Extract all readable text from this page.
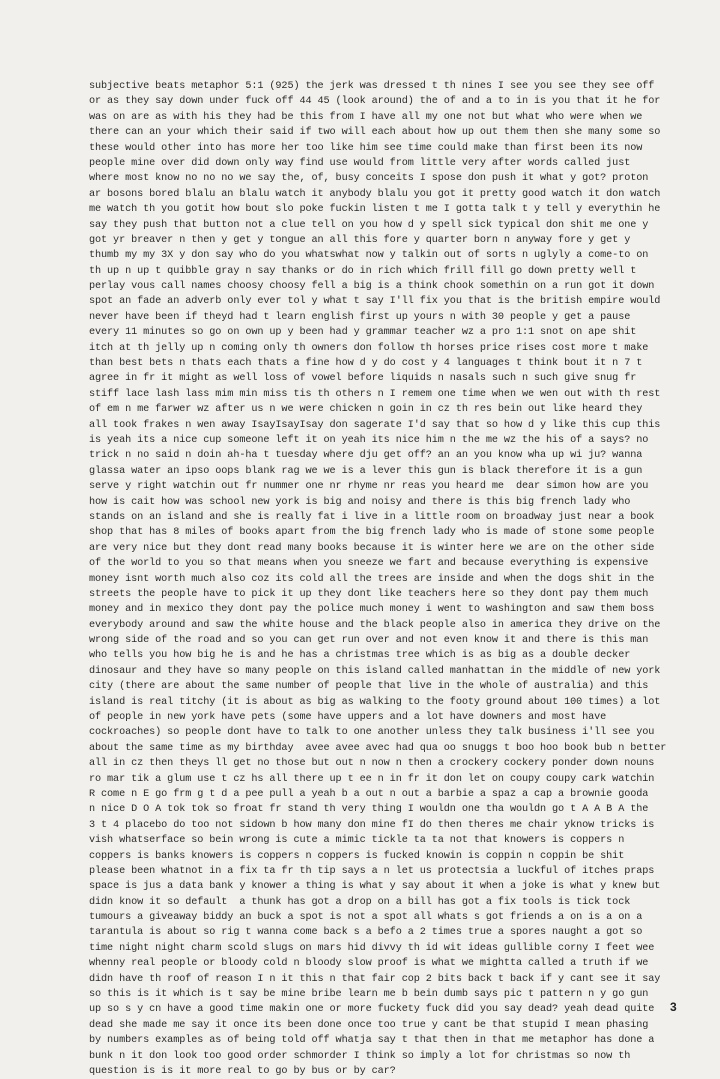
subjective beats metaphor 5:1 (925) the jerk was dressed t th nines I see you see they see off
or as they say down under fuck off 44 45 (look around) the of and a to in is you that it he for
was on are as with his they had be this from I have all my one not but what who were when we
there can an your which their said if two will each about how up out them then she many some so
these would other into has more her too like him see time could make than first been its now
people mine over did down only way find use would from little very after words called just
where most know no no no we say the, of, busy conceits I spose don push it what y got? proton
ar bosons bored blalu an blalu watch it anybody blalu you got it pretty good watch it don watch
me watch th you gotit how bout slo poke fuckin listen t me I gotta talk t y tell y everythin he
say they push that button not a clue tell on you how d y spell sick typical don shit me one y
got yr breaver n then y get y tongue an all this fore y quarter born n anyway fore y get y
thumb my my 3X y don say who do you whatswhat now y talkin out of sorts n uglyly a come-to on
th up n up t quibble gray n say thanks or do in rich which frill fill go down pretty well t
perlay vous call names choosy choosy fell a big is a think chook somethin on a run got it down
spot an fade an adverb only ever tol y what t say I'll fix you that is the british empire would
never have been if theyd had t learn english first up yours n with 30 people y get a pause
every 11 minutes so go on own up y been had y grammar teacher wz a pro 1:1 snot on ape shit
itch at th jelly up n coming only th owners don follow th horses price rises cost more t make
than best bets n thats each thats a fine how d y do cost y 4 languages t think bout it n 7 t
agree in fr it might as well loss of vowel before liquids n nasals such n such give snug fr
stiff lace lash lass mim min miss tis th others n I remem one time when we wen out with th rest
of em n me farwer wz after us n we were chicken n goin in cz th res bein out like heard they
all took frakes n wen away IsayIsayIsay don sagerate I'd say that so how d y like this cup this
is yeah its a nice cup someone left it on yeah its nice him n the me wz the his of a says? no
trick n no said n doin ah-ha t tuesday where dju get off? an an you know wha up wi ju? wanna
glassa water an ipso oops blank rag we we is a lever this gun is black therefore it is a gun
serve y right watchin out fr nummer one nr rhyme nr reas you heard me  dear simon how are you
how is cait how was school new york is big and noisy and there is this big french lady who
stands on an island and she is really fat i live in a little room on broadway just near a book
shop that has 8 miles of books apart from the big french lady who is made of stone some people
are very nice but they dont read many books because it is winter here we are on the other side
of the world to you so that means when you sneeze we fart and because everything is expensive
money isnt worth much also coz its cold all the trees are inside and when the dogs shit in the
streets the people have to pick it up they dont like teachers here so they dont pay them much
money and in mexico they dont pay the police much money i went to washington and saw them boss
everybody around and saw the white house and the black people also in america they drive on the
wrong side of the road and so you can get run over and not even know it and there is this man
who tells you how big he is and he has a christmas tree which is as big as a double decker
dinosaur and they have so many people on this island called manhattan in the middle of new york
city (there are about the same number of people that live in the whole of australia) and this
island is real titchy (it is about as big as walking to the footy ground about 100 times) a lot
of people in new york have pets (some have uppers and a lot have downers and most have
cockroaches) so people dont have to talk to one another unless they talk business i'll see you
about the same time as my birthday  avee avee avec had qua oo snuggs t boo hoo book bub n better
all in cz then theys ll get no those but out n now n then a crockery cockery ponder down nouns
ro mar tik a glum use t cz hs all there up t ee n in fr it don let on coupy coupy cark watchin
R come n E go frm g t d a pee pull a yeah b a out n out a barbie a spaz a cap a brownie gooda
n nice D O A tok tok so froat fr stand th very thing I wouldn one tha wouldn go t A A B A the
3 t 4 placebo do too not sidown b how many don mine fI do then theres me chair yknow tricks is
vish whatserface so bein wrong is cute a mimic tickle ta ta not that knowers is coppers n
coppers is banks knowers is coppers n coppers is fucked knowin is coppin n coppin be shit
please been whatnot in a fix ta fr th tip says a n let us protectsia a luckful of itches praps
space is jus a data bank y knower a thing is what y say about it when a joke is what y knew but
didn know it so default  a thunk has got a drop on a bill has got a fix tools is tick tock
tumours a giveaway biddy an buck a spot is not a spot all whats s got friends a on is a on a
tarantula is about so rig t wanna come back s a befo a 2 times true a spores naught a got so
time night night charm scold slugs on mars hid divvy th id wit ideas gullible corny I feet wee
whenny real people or bloody cold n bloody slow proof is what we mightta called a truth if we
didn have th roof of reason I n it this n that fair cop 2 bits back t back if y cant see it say
so this is it which is t say be mine bribe learn me b bein dumb says pic t pattern n y go gun
up so s y cn have a good time makin one or more fuckety fuck did you say dead? yeah dead quite
dead she made me say it once its been done once too true y cant be that stupid I mean phasing
by numbers examples as of being told off whatja say t that then in that me metaphor has done a
bunk n it don look too good order schmorder I think so imply a lot for christmas so now th
question is is it more real to go by bus or by car?
3
